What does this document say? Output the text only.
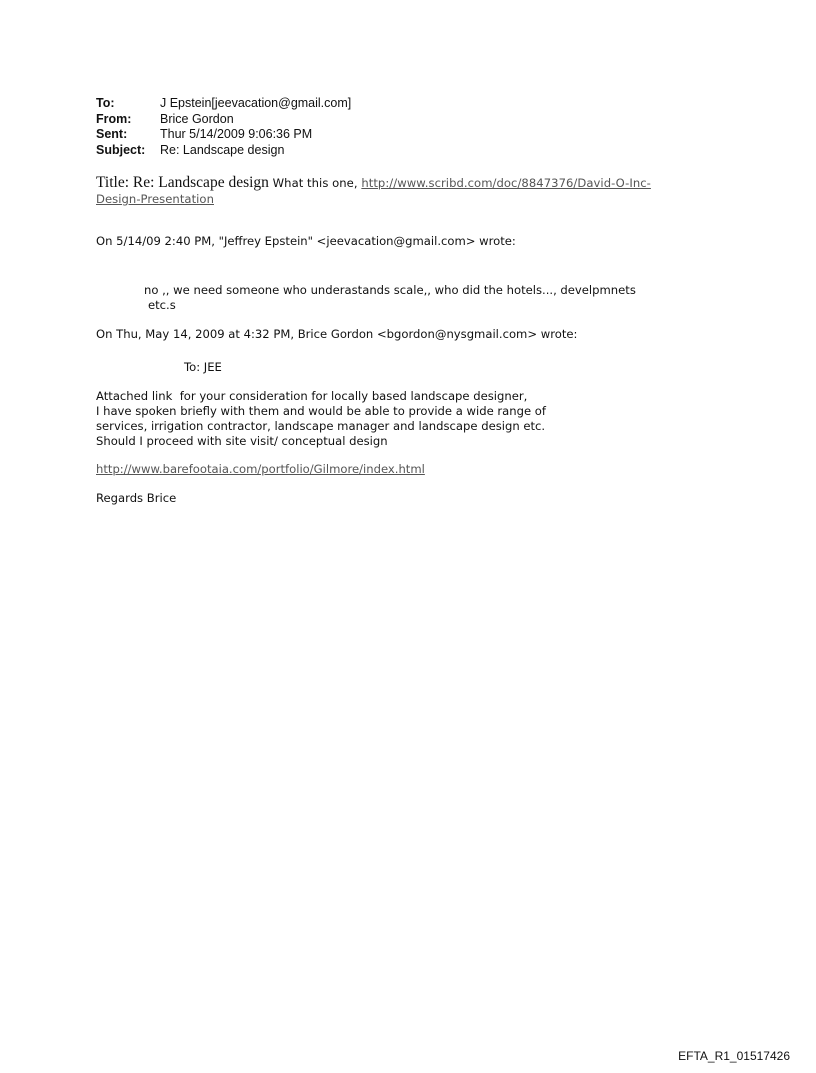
To:	J Epstein[jeevacation@gmail.com]
From:	Brice Gordon
Sent:	Thur 5/14/2009 9:06:36 PM
Subject:	Re: Landscape design
Title: Re: Landscape design What this one, http://www.scribd.com/doc/8847376/David-O-Inc-
Design-Presentation
On 5/14/09 2:40 PM, "Jeffrey Epstein" <jeevacation@gmail.com> wrote:
no ,, we need someone who underastands scale,, who did the hotels..., develpmnets
etc.s
On Thu, May 14, 2009 at 4:32 PM, Brice Gordon <bgordon@nysgmail.com> wrote:
To: JEE
Attached link  for your consideration for locally based landscape designer,
I have spoken briefly with them and would be able to provide a wide range of
services, irrigation contractor, landscape manager and landscape design etc.
Should I proceed with site visit/ conceptual design
http://www.barefootaia.com/portfolio/Gilmore/index.html
Regards Brice
EFTA_R1_01517426
